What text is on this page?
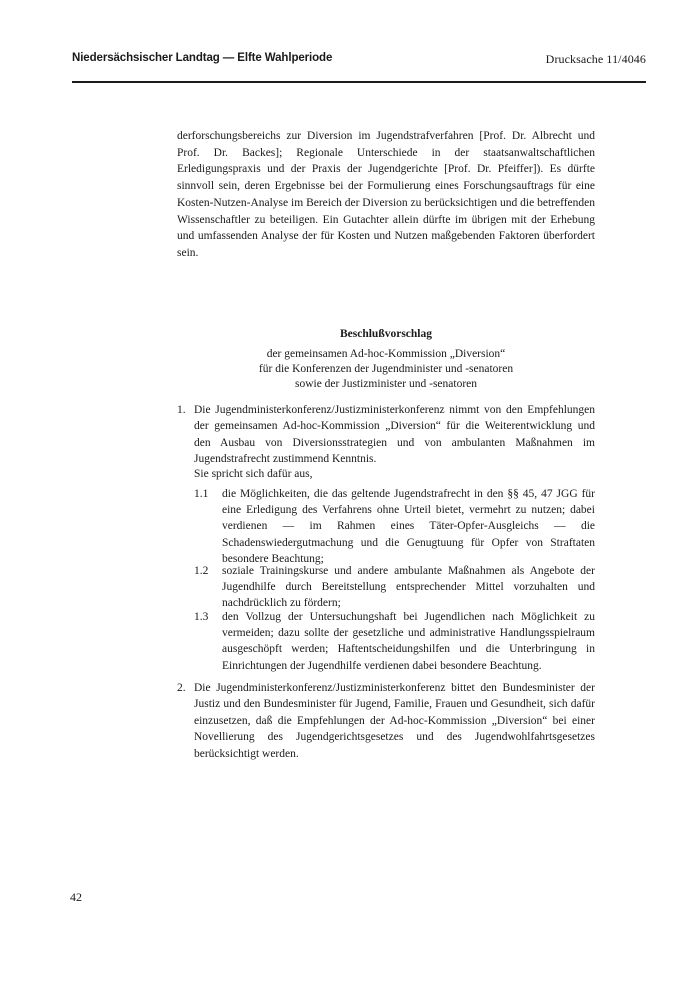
Niedersächsischer Landtag — Elfte Wahlperiode	Drucksache 11/4046
derforschungsbereichs zur Diversion im Jugendstrafverfahren [Prof. Dr. Albrecht und Prof. Dr. Backes]; Regionale Unterschiede in der staatsanwaltschaftlichen Erledigungspraxis und der Praxis der Jugendgerichte [Prof. Dr. Pfeiffer]). Es dürfte sinnvoll sein, deren Ergebnisse bei der Formulierung eines Forschungsauftrags für eine Kosten-Nutzen-Analyse im Bereich der Diversion zu berücksichtigen und die betreffenden Wissenschaftler zu beteiligen. Ein Gutachter allein dürfte im übrigen mit der Erhebung und umfassenden Analyse der für Kosten und Nutzen maßgebenden Faktoren überfordert sein.
Beschlußvorschlag
der gemeinsamen Ad-hoc-Kommission „Diversion“
für die Konferenzen der Jugendminister und -senatoren
sowie der Justizminister und -senatoren
1. Die Jugendministerkonferenz/Justizministerkonferenz nimmt von den Empfehlungen der gemeinsamen Ad-hoc-Kommission „Diversion“ für die Weiterentwicklung und den Ausbau von Diversionsstrategien und von ambulanten Maßnahmen im Jugendstrafrecht zustimmend Kenntnis.
Sie spricht sich dafür aus,
1.1 die Möglichkeiten, die das geltende Jugendstrafrecht in den §§ 45, 47 JGG für eine Erledigung des Verfahrens ohne Urteil bietet, vermehrt zu nutzen; dabei verdienen — im Rahmen eines Täter-Opfer-Ausgleichs — die Schadenswiedergutmachung und die Genugtuung für Opfer von Straftaten besondere Beachtung;
1.2 soziale Trainingskurse und andere ambulante Maßnahmen als Angebote der Jugendhilfe durch Bereitstellung entsprechender Mittel vorzuhalten und nachdrücklich zu fördern;
1.3 den Vollzug der Untersuchungshaft bei Jugendlichen nach Möglichkeit zu vermeiden; dazu sollte der gesetzliche und administrative Handlungsspielraum ausgeschöpft werden; Haftentscheidungshilfen und die Unterbringung in Einrichtungen der Jugendhilfe verdienen dabei besondere Beachtung.
2. Die Jugendministerkonferenz/Justizministerkonferenz bittet den Bundesminister der Justiz und den Bundesminister für Jugend, Familie, Frauen und Gesundheit, sich dafür einzusetzen, daß die Empfehlungen der Ad-hoc-Kommission „Diversion“ bei einer Novellierung des Jugendgerichtsgesetzes und des Jugendwohlfahrtsgesetzes berücksichtigt werden.
42
